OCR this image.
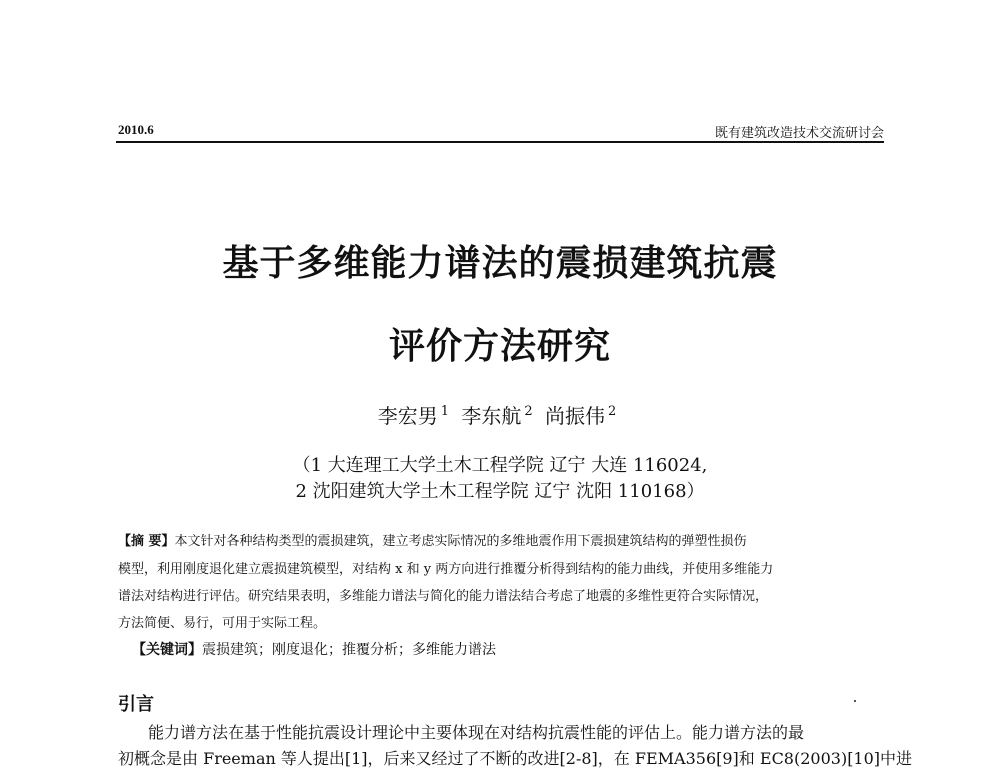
2010.6	既有建筑改造技术交流研讨会
基于多维能力谱法的震损建筑抗震
评价方法研究
李宏男 $^1$ 李东航 $^2$ 尚振伟 $^2$
（1 大连理工大学土木工程学院 辽宁 大连 116024,
2 沈阳建筑大学土木工程学院 辽宁 沈阳 110168）
【摘 要】本文针对各种结构类型的震损建筑，建立考虑实际情况的多维地震作用下震损建筑结构的弹塑性损伤
模型，利用刚度退化建立震损建筑模型，对结构 x 和 y 两方向进行推覆分析得到结构的能力曲线，并使用多维能力
谱法对结构进行评估。研究结果表明，多维能力谱法与简化的能力谱法结合考虑了地震的多维性更符合实际情况，
方法简便、易行，可用于实际工程。
【关键词】震损建筑；刚度退化；推覆分析；多维能力谱法
引言
能力谱方法在基于性能抗震设计理论中主要体现在对结构抗震性能的评估上。能力谱方法的最
初概念是由 Freeman 等人提出[1]，后来又经过了不断的改进[2-8]，在 FEMA356[9]和 EC8(2003)[10]中进
